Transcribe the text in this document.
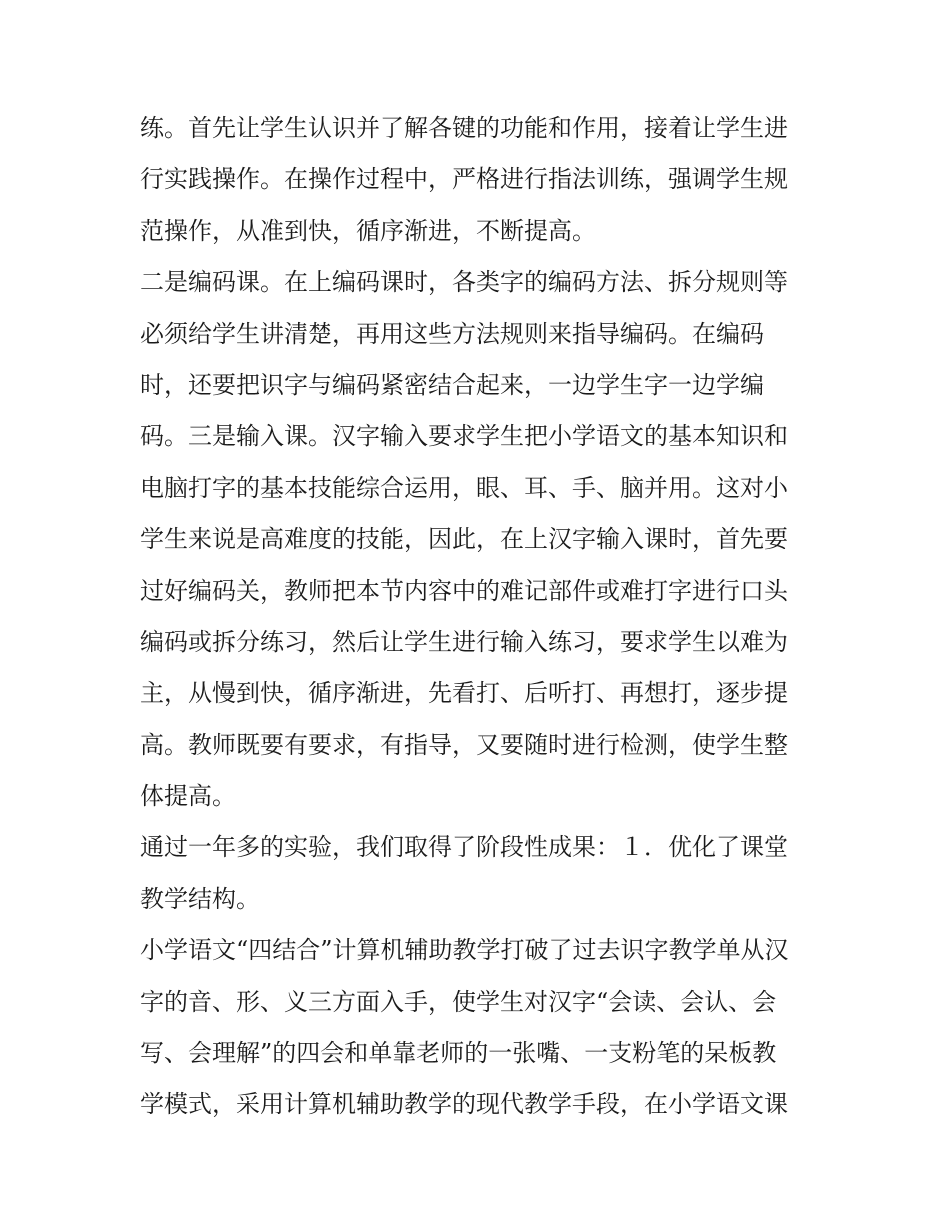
练。首先让学生认识并了解各键的功能和作用，接着让学生进
行实践操作。在操作过程中，严格进行指法训练，强调学生规
范操作，从准到快，循序渐进，不断提高。
二是编码课。在上编码课时，各类字的编码方法、拆分规则等
必须给学生讲清楚，再用这些方法规则来指导编码。在编码
时，还要把识字与编码紧密结合起来，一边学生字一边学编
码。三是输入课。汉字输入要求学生把小学语文的基本知识和
电脑打字的基本技能综合运用，眼、耳、手、脑并用。这对小
学生来说是高难度的技能，因此，在上汉字输入课时，首先要
过好编码关，教师把本节内容中的难记部件或难打字进行口头
编码或拆分练习，然后让学生进行输入练习，要求学生以难为
主，从慢到快，循序渐进，先看打、后听打、再想打，逐步提
高。教师既要有要求，有指导，又要随时进行检测，使学生整
体提高。
通过一年多的实验，我们取得了阶段性成果：１．优化了课堂
教学结构。
小学语文“四结合”计算机辅助教学打破了过去识字教学单从汉
字的音、形、义三方面入手，使学生对汉字“会读、会认、会
写、会理解”的四会和单靠老师的一张嘴、一支粉笔的呆板教
学模式，采用计算机辅助教学的现代教学手段，在小学语文课
